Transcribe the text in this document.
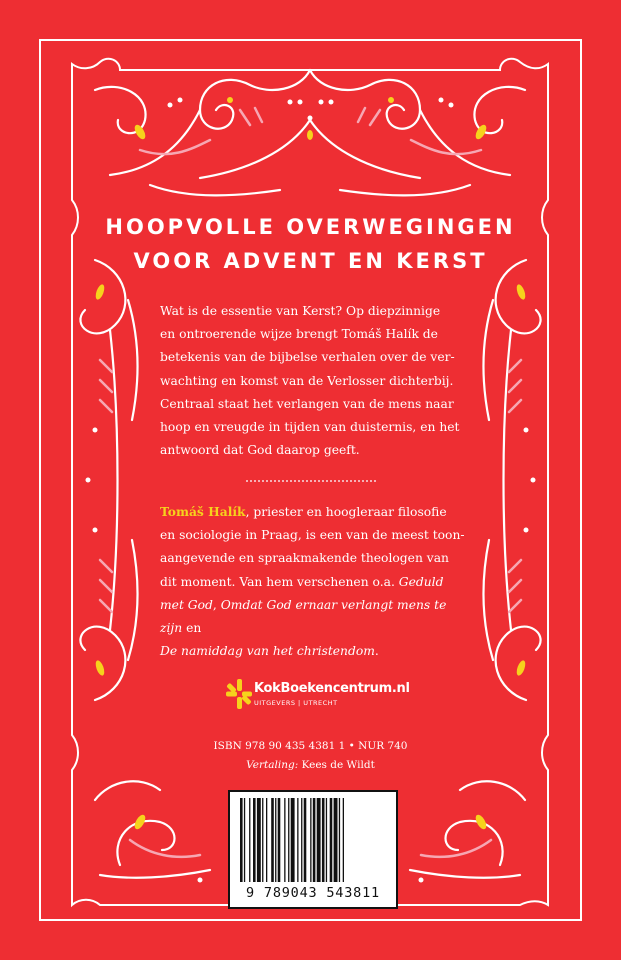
HOOPVOLLE OVERWEGINGEN
VOOR ADVENT EN KERST
Wat is de essentie van Kerst? Op diepzinnige
en ontroerende wijze brengt Tomáš Halík de
betekenis van de bijbelse verhalen over de ver-
wachting en komst van de Verlosser dichterbij.
Centraal staat het verlangen van de mens naar
hoop en vreugde in tijden van duisternis, en het
antwoord dat God daarop geeft.
Tomáš Halík, priester en hoogleraar filosofie
en sociologie in Praag, is een van de meest toon-
aangevende en spraakmakende theologen van
dit moment. Van hem verschenen o.a. Geduld
met God, Omdat God ernaar verlangt mens te zijn en
De namiddag van het christendom.
KokBoekencentrum.nl
UITGEVERS | UTRECHT
ISBN 978 90 435 4381 1 • NUR 740
Vertaling: Kees de Wildt
9 789043 543811
